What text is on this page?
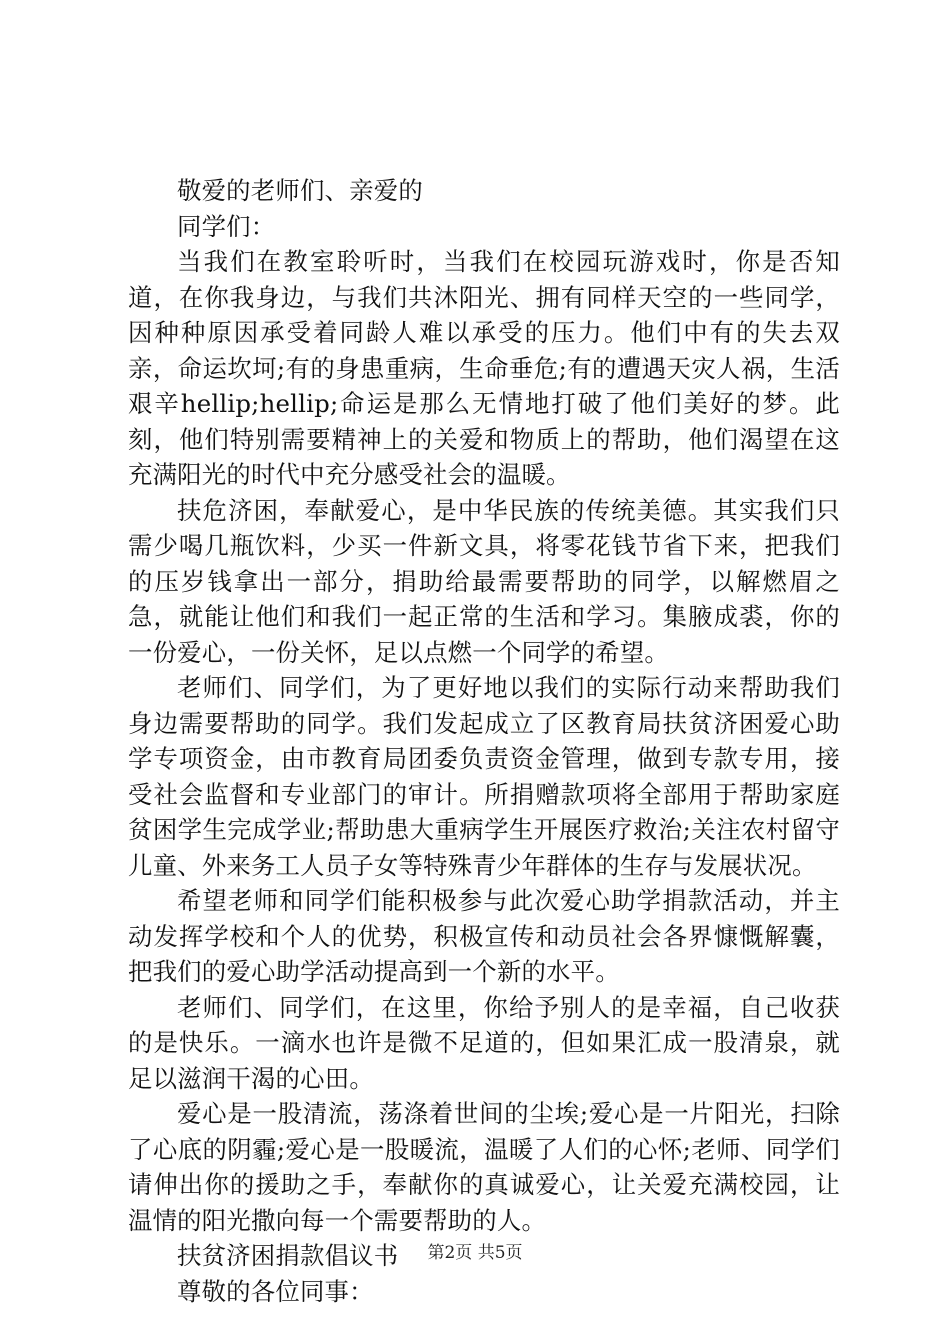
敬爱的老师们、亲爱的

同学们：

当我们在教室聆听时，当我们在校园玩游戏时，你是否知道，在你我身边，与我们共沐阳光、拥有同样天空的一些同学，因种种原因承受着同龄人难以承受的压力。他们中有的失去双亲，命运坎坷;有的身患重病，生命垂危;有的遭遇天灾人祸，生活艰辛hellip;hellip;命运是那么无情地打破了他们美好的梦。此刻，他们特别需要精神上的关爱和物质上的帮助，他们渴望在这充满阳光的时代中充分感受社会的温暖。

扶危济困，奉献爱心，是中华民族的传统美德。其实我们只需少喝几瓶饮料，少买一件新文具，将零花钱节省下来，把我们的压岁钱拿出一部分，捐助给最需要帮助的同学，以解燃眉之急，就能让他们和我们一起正常的生活和学习。集腋成裘，你的一份爱心，一份关怀，足以点燃一个同学的希望。

老师们、同学们，为了更好地以我们的实际行动来帮助我们身边需要帮助的同学。我们发起成立了区教育局扶贫济困爱心助学专项资金，由市教育局团委负责资金管理，做到专款专用，接受社会监督和专业部门的审计。所捐赠款项将全部用于帮助家庭贫困学生完成学业;帮助患大重病学生开展医疗救治;关注农村留守儿童、外来务工人员子女等特殊青少年群体的生存与发展状况。

希望老师和同学们能积极参与此次爱心助学捐款活动，并主动发挥学校和个人的优势，积极宣传和动员社会各界慷慨解囊，把我们的爱心助学活动提高到一个新的水平。

老师们、同学们，在这里，你给予别人的是幸福，自己收获的是快乐。一滴水也许是微不足道的，但如果汇成一股清泉，就足以滋润干渴的心田。

爱心是一股清流，荡涤着世间的尘埃;爱心是一片阳光，扫除了心底的阴霾;爱心是一股暖流，温暖了人们的心怀;老师、同学们请伸出你的援助之手，奉献你的真诚爱心，让关爱充满校园，让温情的阳光撒向每一个需要帮助的人。

扶贫济困捐款倡议书

尊敬的各位同事：

第2页 共5页
